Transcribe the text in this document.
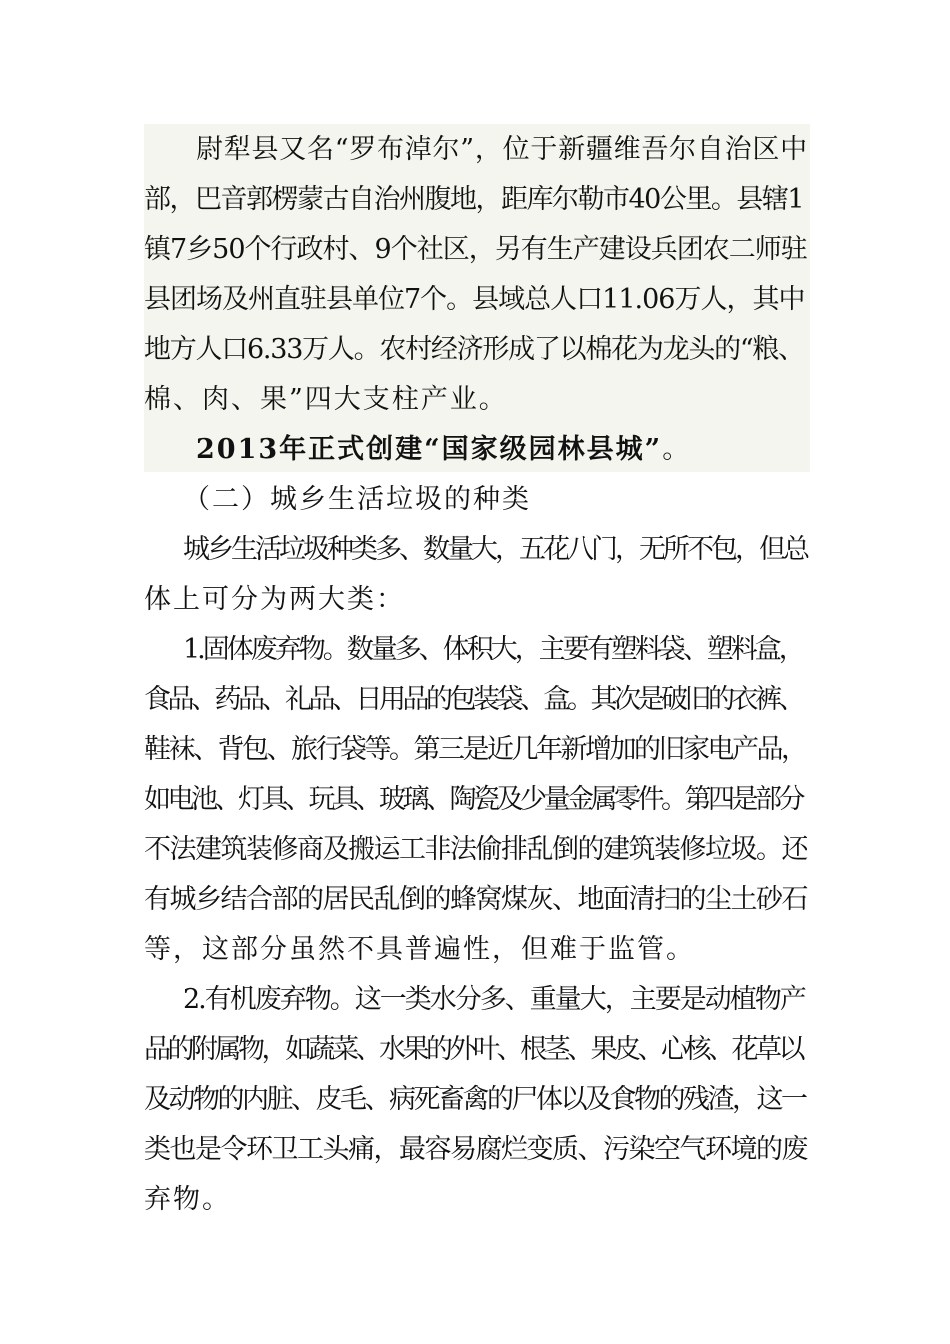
尉犁县又名“罗布淖尔”，位于新疆维吾尔自治区中
部，巴音郭楞蒙古自治州腹地，距库尔勒市40公里。县辖1
镇7乡50个行政村、9个社区，另有生产建设兵团农二师驻
县团场及州直驻县单位7个。县域总人口11.06万人，其中
地方人口6.33万人。农村经济形成了以棉花为龙头的“粮、
棉、肉、果”四大支柱产业。
2013年正式创建“国家级园林县城”。
（二）城乡生活垃圾的种类
城乡生活垃圾种类多、数量大，五花八门，无所不包，但总
体上可分为两大类：
1.固体废弃物。数量多、体积大，主要有塑料袋、塑料盒，
食品、药品、礼品、日用品的包装袋、盒。其次是破旧的衣裤、
鞋袜、背包、旅行袋等。第三是近几年新增加的旧家电产品，
如电池、灯具、玩具、玻璃、陶瓷及少量金属零件。第四是部分
不法建筑装修商及搬运工非法偷排乱倒的建筑装修垃圾。还
有城乡结合部的居民乱倒的蜂窝煤灰、地面清扫的尘土砂石
等，这部分虽然不具普遍性，但难于监管。
2.有机废弃物。这一类水分多、重量大，主要是动植物产
品的附属物，如蔬菜、水果的外叶、根茎、果皮、心核、花草以
及动物的内脏、皮毛、病死畜禽的尸体以及食物的残渣，这一
类也是令环卫工头痛，最容易腐烂变质、污染空气环境的废
弃物。
